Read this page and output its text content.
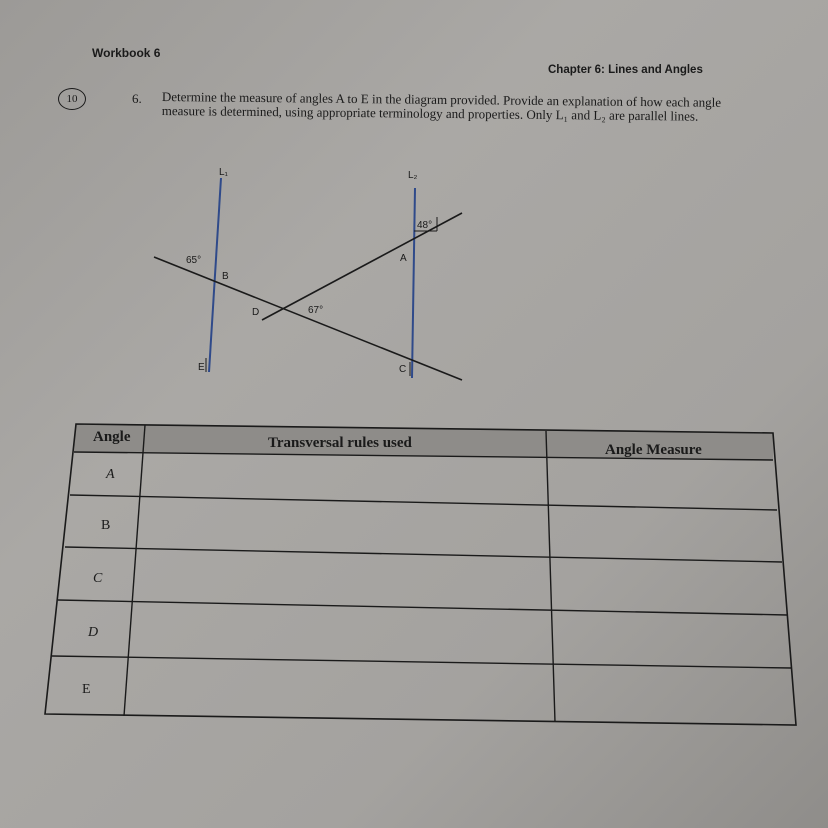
Workbook 6
Chapter 6: Lines and Angles
10	6. Determine the measure of angles A to E in the diagram provided. Provide an explanation of how each angle measure is determined, using appropriate terminology and properties. Only L₁ and L₂ are parallel lines.
L₁	L₂
65°
48°
67°
A
B
C
D
E
Angle	Transversal rules used	Angle Measure
A
B
C
D
E
